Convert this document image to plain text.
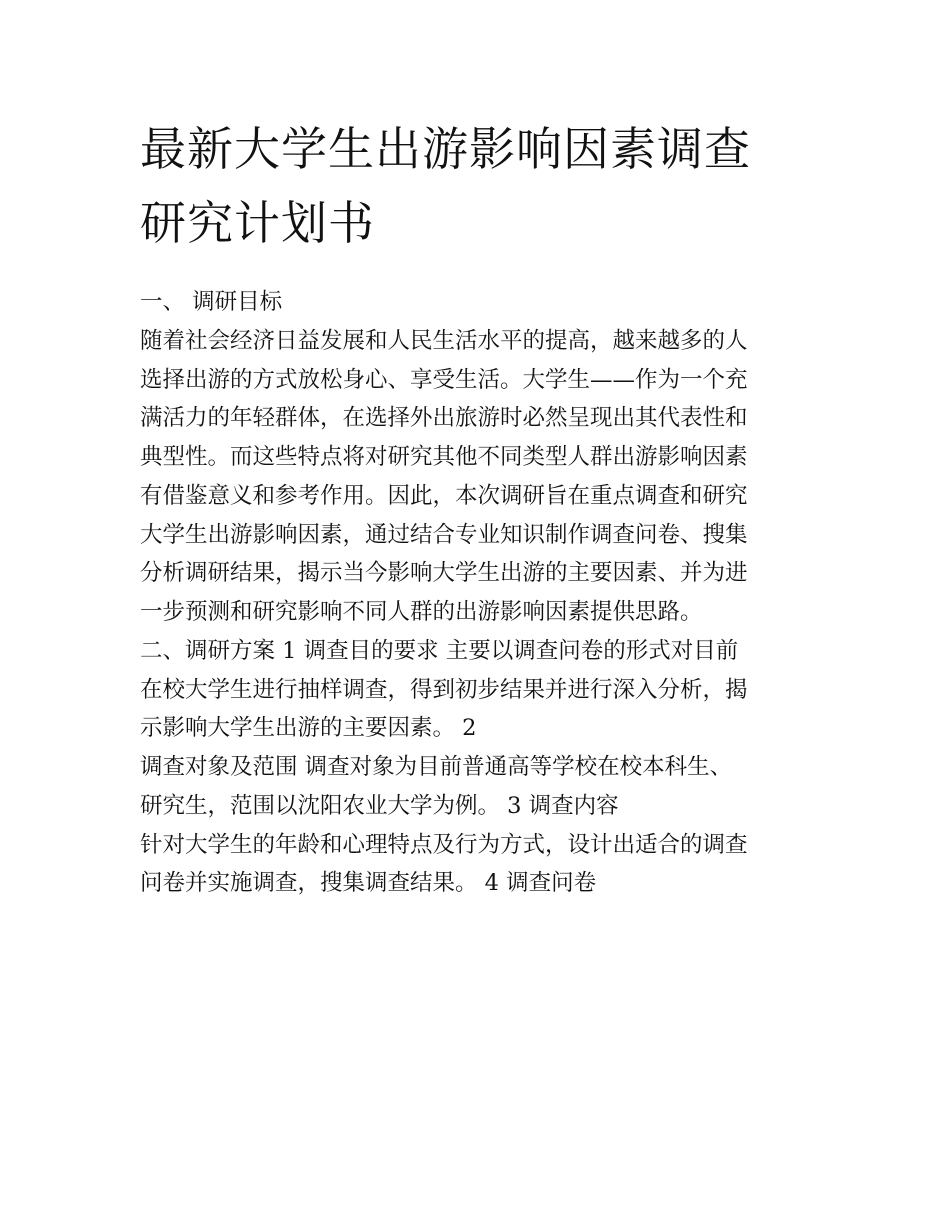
最新大学生出游影响因素调查
研究计划书
一、 调研目标
随着社会经济日益发展和人民生活水平的提高，越来越多的人
选择出游的方式放松身心、享受生活。大学生——作为一个充
满活力的年轻群体，在选择外出旅游时必然呈现出其代表性和
典型性。而这些特点将对研究其他不同类型人群出游影响因素
有借鉴意义和参考作用。因此，本次调研旨在重点调查和研究
大学生出游影响因素，通过结合专业知识制作调查问卷、搜集
分析调研结果，揭示当今影响大学生出游的主要因素、并为进
一步预测和研究影响不同人群的出游影响因素提供思路。
二、调研方案 1 调查目的要求 主要以调查问卷的形式对目前
在校大学生进行抽样调查，得到初步结果并进行深入分析，揭
示影响大学生出游的主要因素。 2
调查对象及范围 调查对象为目前普通高等学校在校本科生、
研究生，范围以沈阳农业大学为例。 3 调查内容
针对大学生的年龄和心理特点及行为方式，设计出适合的调查
问卷并实施调查，搜集调查结果。 4 调查问卷
